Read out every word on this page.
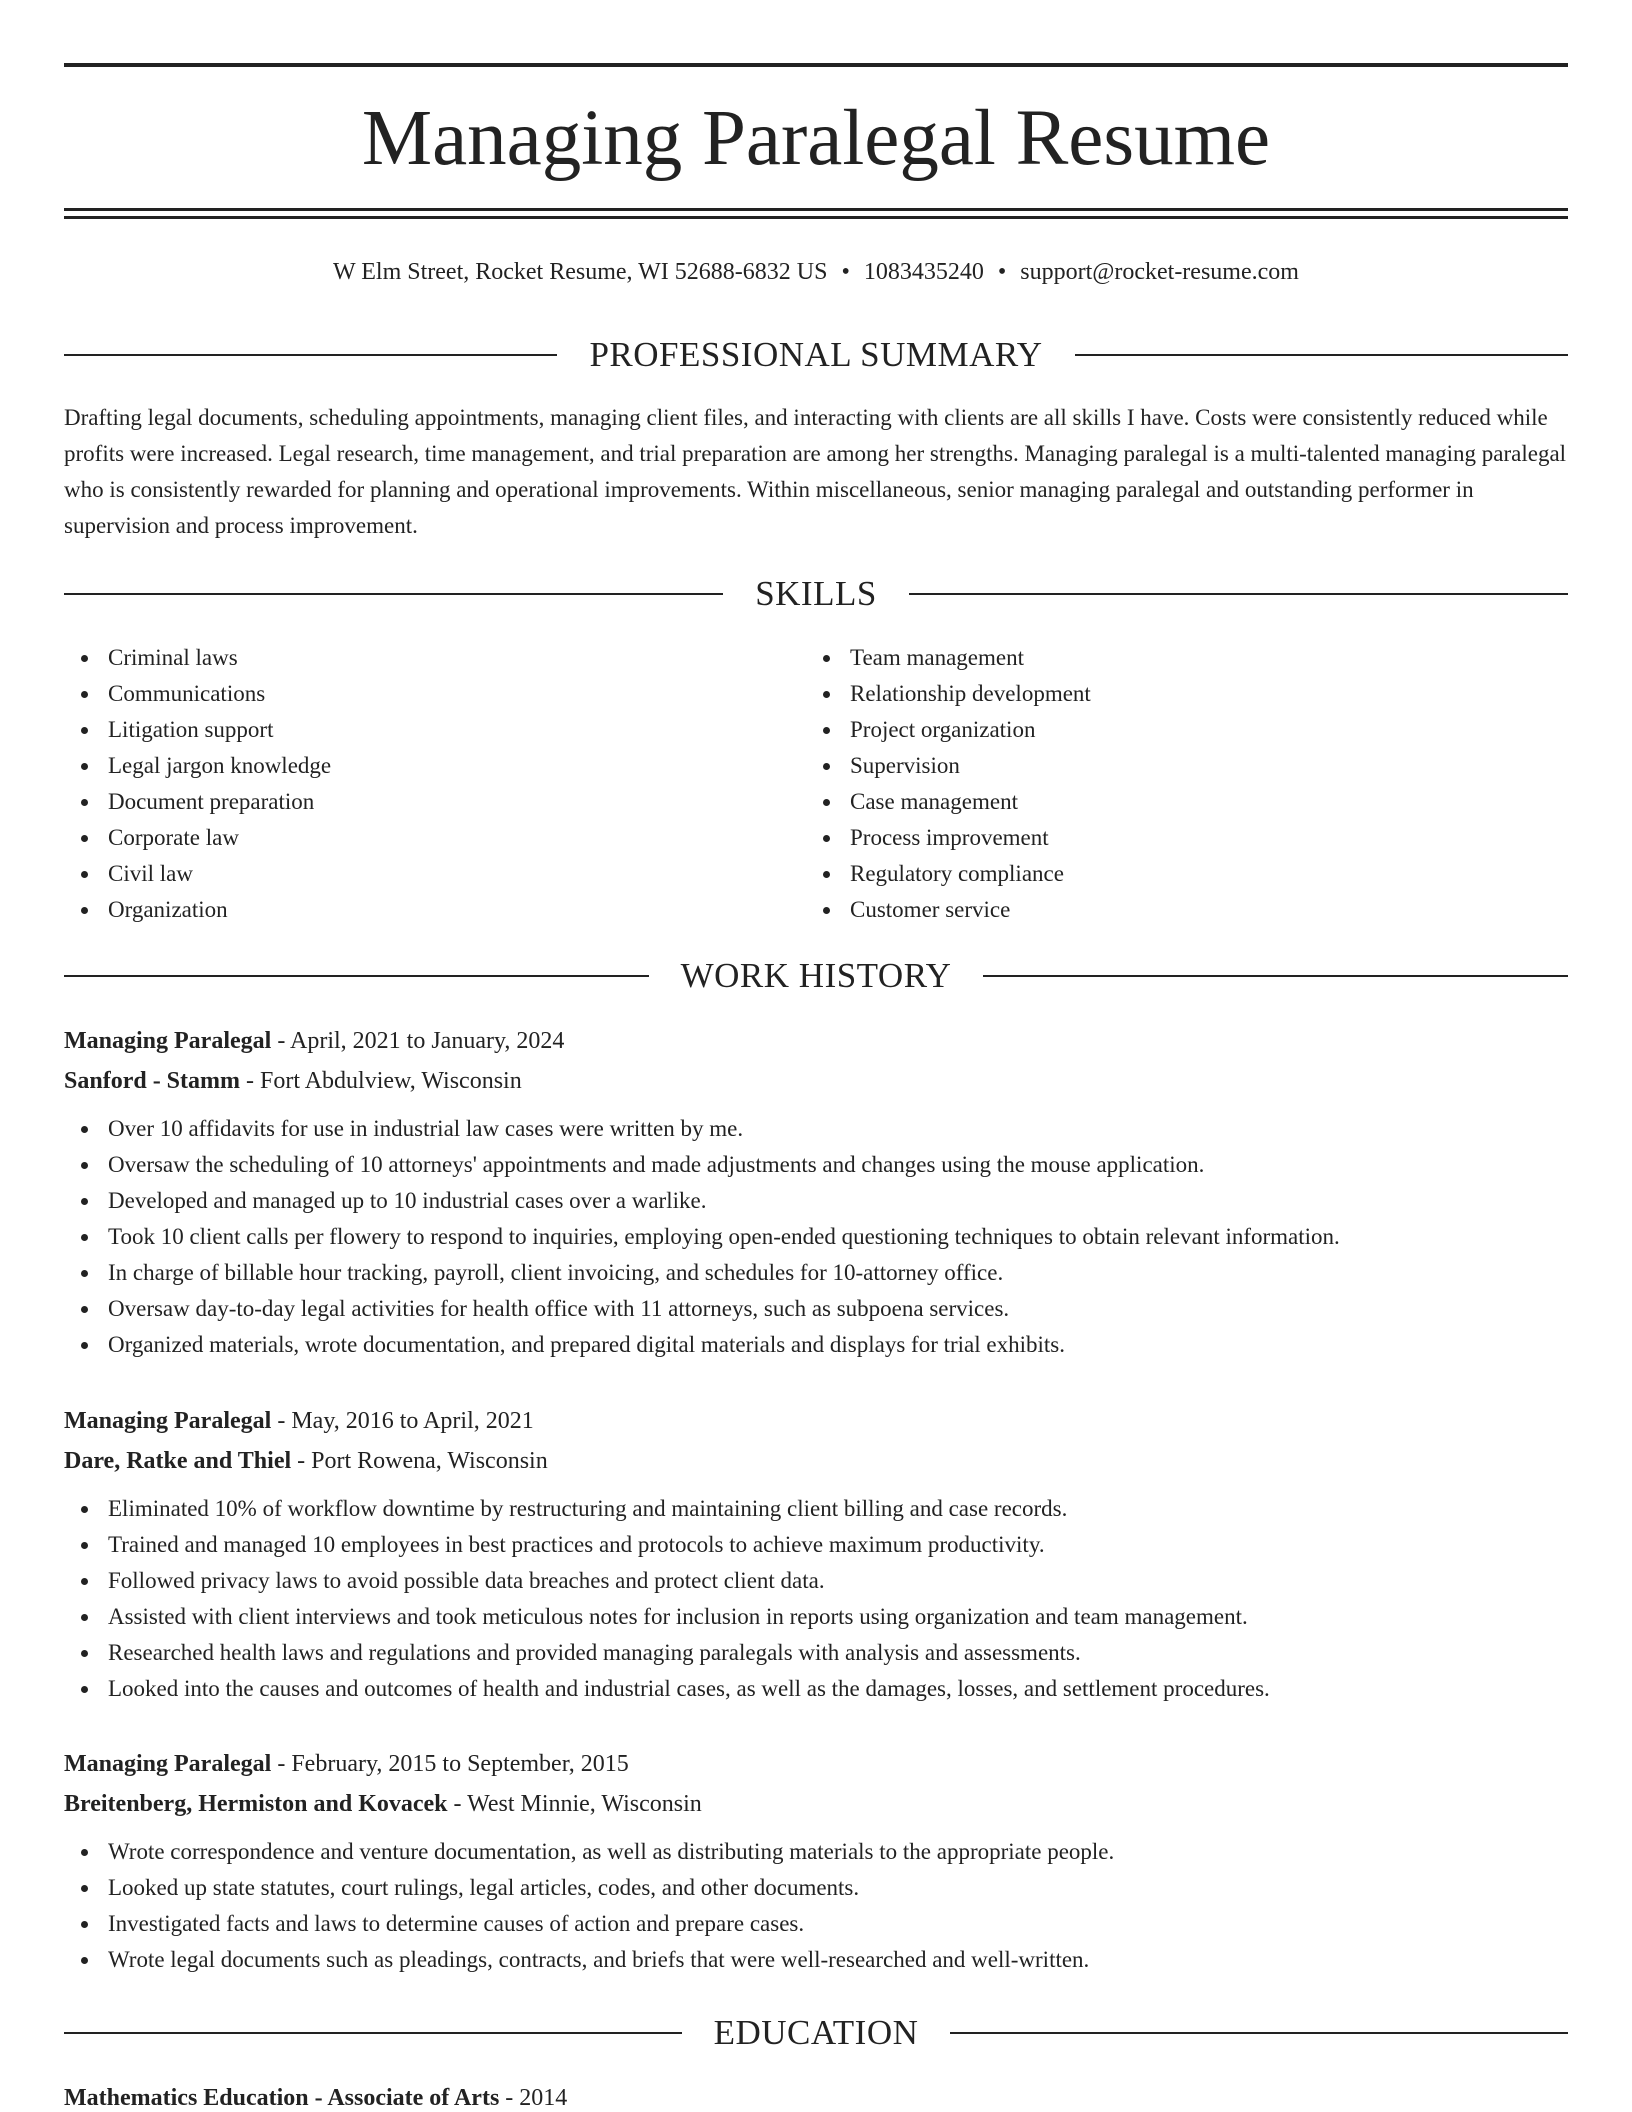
Managing Paralegal Resume
W Elm Street, Rocket Resume, WI 52688-6832 US • 1083435240 • support@rocket-resume.com
PROFESSIONAL SUMMARY

Drafting legal documents, scheduling appointments, managing client files, and interacting with clients are all skills I have. Costs were consistently reduced while profits were increased. Legal research, time management, and trial preparation are among her strengths. Managing paralegal is a multi-talented managing paralegal who is consistently rewarded for planning and operational improvements. Within miscellaneous, senior managing paralegal and outstanding performer in supervision and process improvement.

SKILLS
Criminal laws
Communications
Litigation support
Legal jargon knowledge
Document preparation
Corporate law
Civil law
Organization
Team management
Relationship development
Project organization
Supervision
Case management
Process improvement
Regulatory compliance
Customer service
WORK HISTORY
Managing Paralegal - April, 2021 to January, 2024
Sanford - Stamm - Fort Abdulview, Wisconsin
Over 10 affidavits for use in industrial law cases were written by me.
Oversaw the scheduling of 10 attorneys' appointments and made adjustments and changes using the mouse application.
Developed and managed up to 10 industrial cases over a warlike.
Took 10 client calls per flowery to respond to inquiries, employing open-ended questioning techniques to obtain relevant information.
In charge of billable hour tracking, payroll, client invoicing, and schedules for 10-attorney office.
Oversaw day-to-day legal activities for health office with 11 attorneys, such as subpoena services.
Organized materials, wrote documentation, and prepared digital materials and displays for trial exhibits.
Managing Paralegal - May, 2016 to April, 2021
Dare, Ratke and Thiel - Port Rowena, Wisconsin
Eliminated 10% of workflow downtime by restructuring and maintaining client billing and case records.
Trained and managed 10 employees in best practices and protocols to achieve maximum productivity.
Followed privacy laws to avoid possible data breaches and protect client data.
Assisted with client interviews and took meticulous notes for inclusion in reports using organization and team management.
Researched health laws and regulations and provided managing paralegals with analysis and assessments.
Looked into the causes and outcomes of health and industrial cases, as well as the damages, losses, and settlement procedures.
Managing Paralegal - February, 2015 to September, 2015
Breitenberg, Hermiston and Kovacek - West Minnie, Wisconsin
Wrote correspondence and venture documentation, as well as distributing materials to the appropriate people.
Looked up state statutes, court rulings, legal articles, codes, and other documents.
Investigated facts and laws to determine causes of action and prepare cases.
Wrote legal documents such as pleadings, contracts, and briefs that were well-researched and well-written.
EDUCATION
Mathematics Education - Associate of Arts - 2014
